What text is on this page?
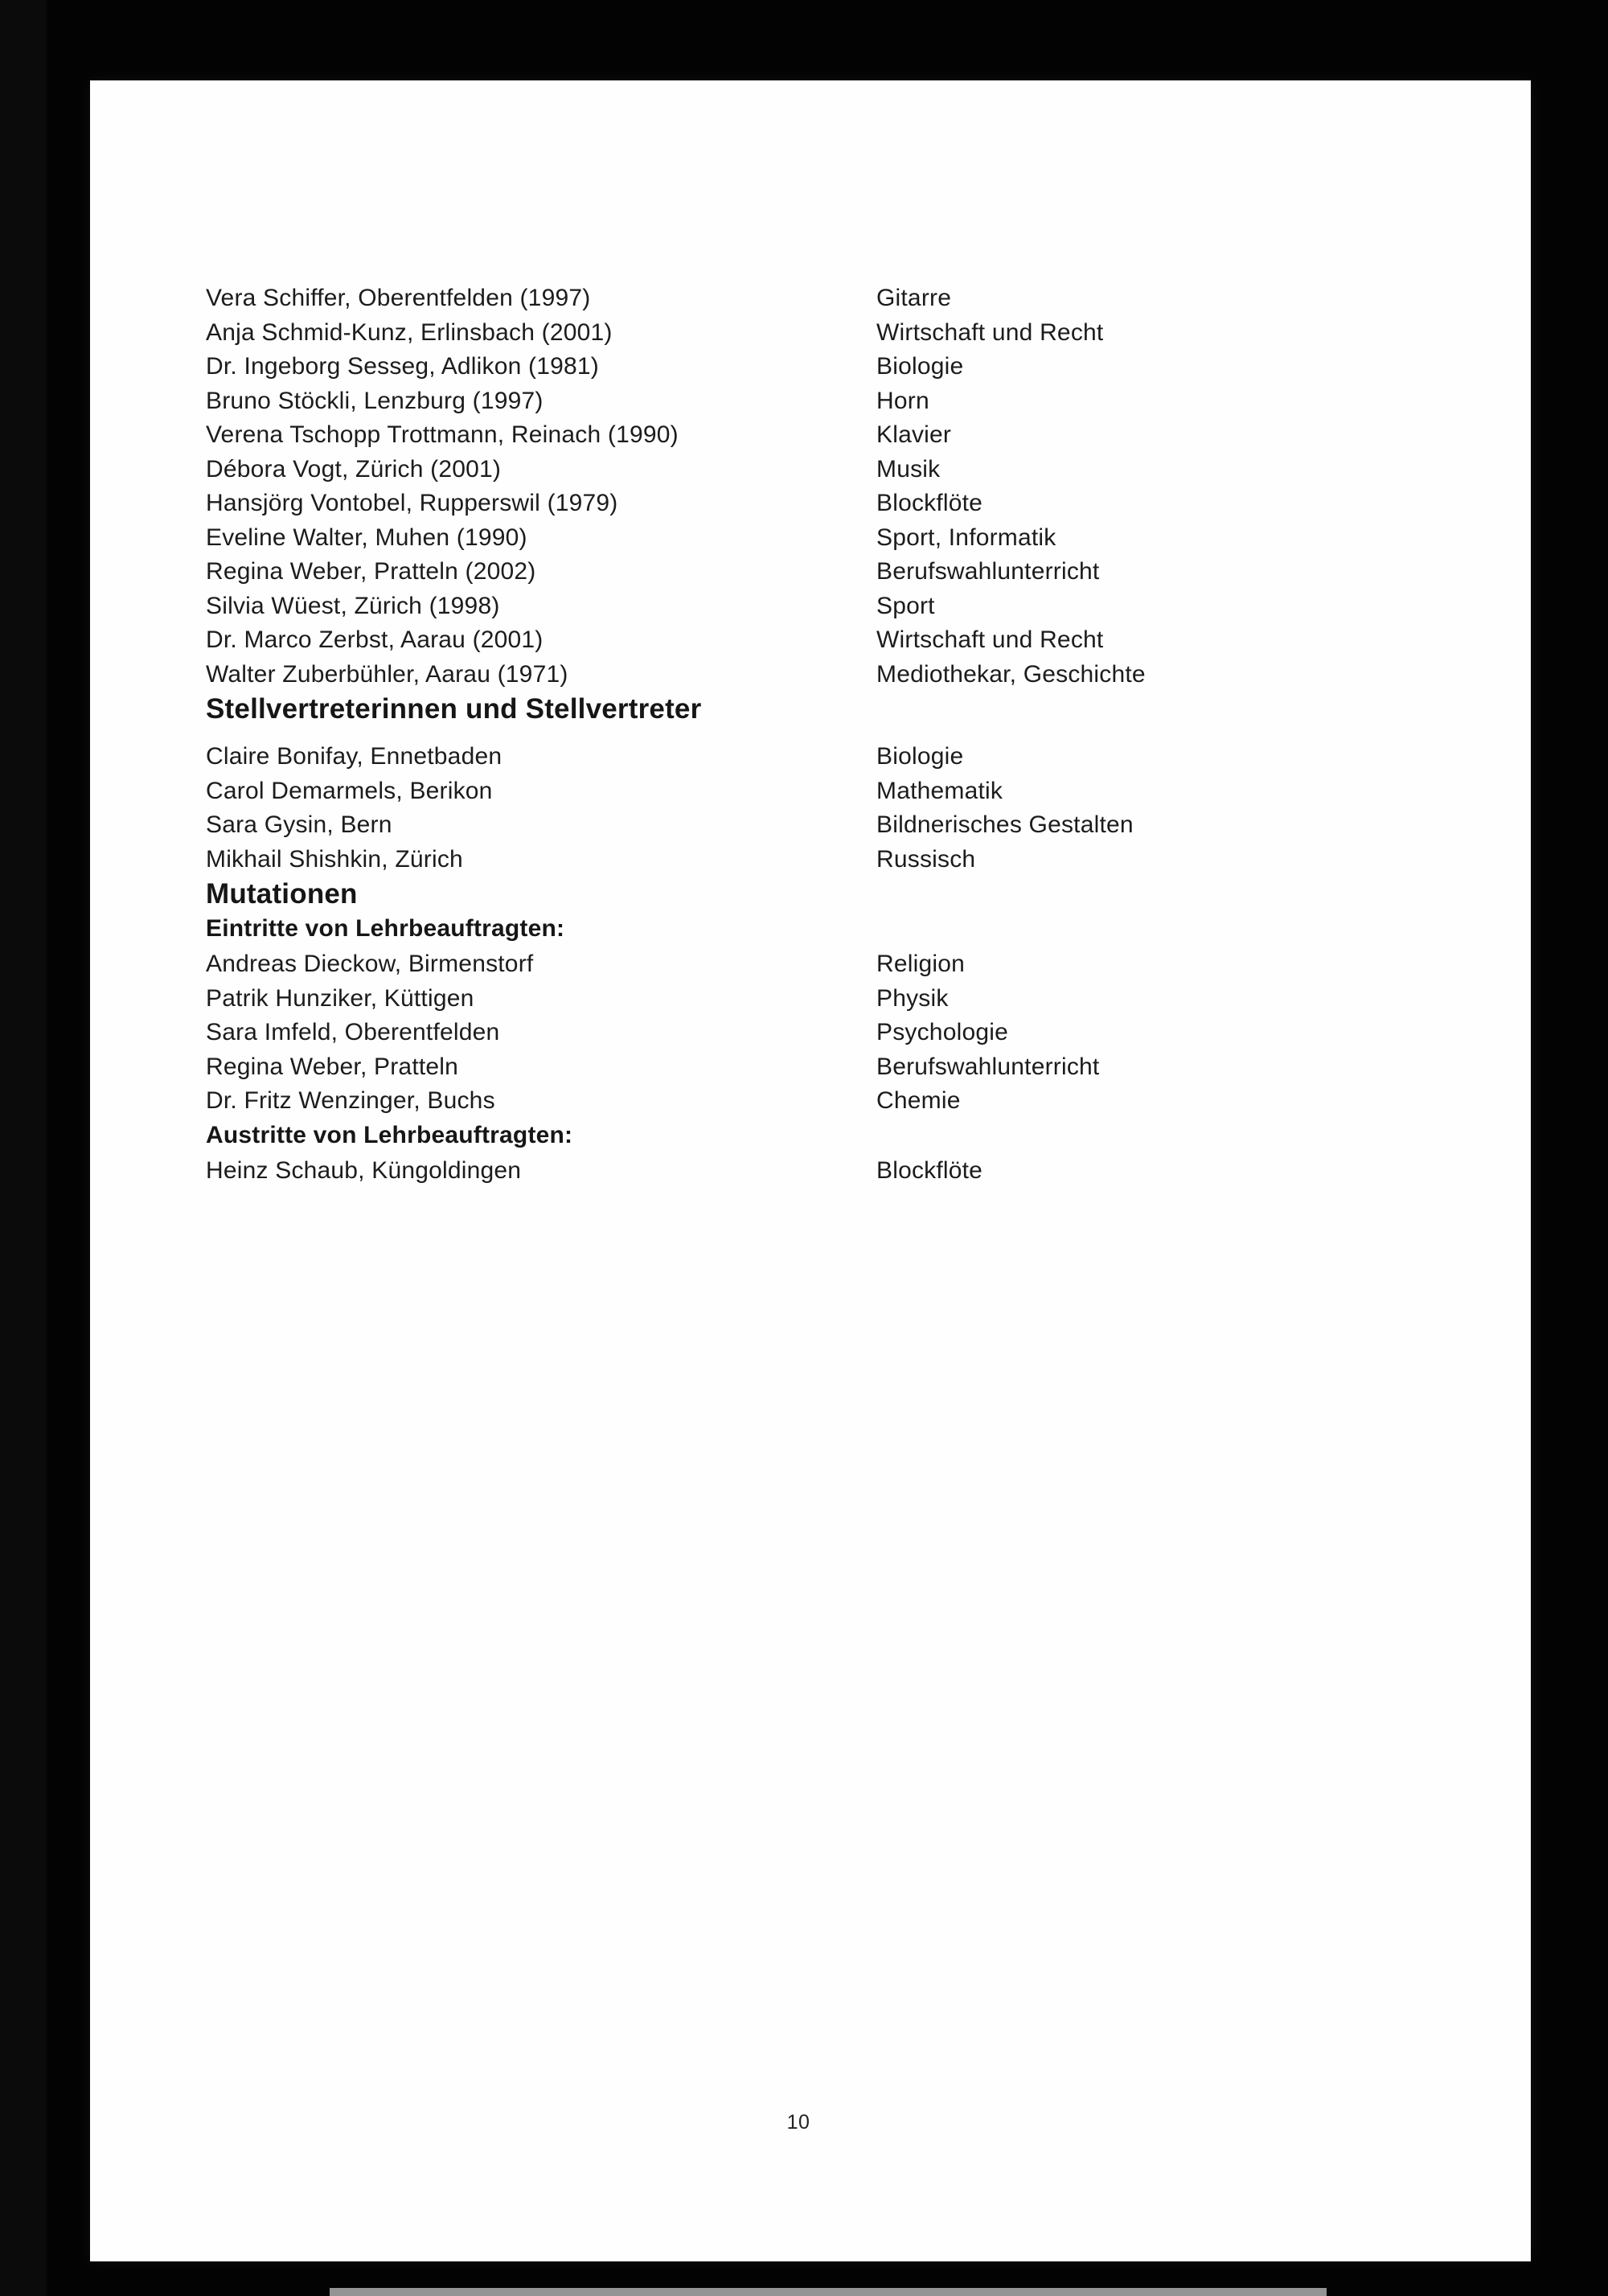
Vera Schiffer, Oberentfelden (1997)	Gitarre
Anja Schmid-Kunz, Erlinsbach (2001)	Wirtschaft und Recht
Dr. Ingeborg Sesseg, Adlikon (1981)	Biologie
Bruno Stöckli, Lenzburg (1997)	Horn
Verena Tschopp Trottmann, Reinach (1990)	Klavier
Débora Vogt, Zürich (2001)	Musik
Hansjörg Vontobel, Rupperswil (1979)	Blockflöte
Eveline Walter, Muhen (1990)	Sport, Informatik
Regina Weber, Pratteln (2002)	Berufswahlunterricht
Silvia Wüest, Zürich (1998)	Sport
Dr. Marco Zerbst, Aarau (2001)	Wirtschaft und Recht
Walter Zuberbühler, Aarau (1971)	Mediothekar, Geschichte
Stellvertreterinnen und Stellvertreter
Claire Bonifay, Ennetbaden	Biologie
Carol Demarmels, Berikon	Mathematik
Sara Gysin, Bern	Bildnerisches Gestalten
Mikhail Shishkin, Zürich	Russisch
Mutationen
Eintritte von Lehrbeauftragten:
Andreas Dieckow, Birmenstorf	Religion
Patrik Hunziker, Küttigen	Physik
Sara Imfeld, Oberentfelden	Psychologie
Regina Weber, Pratteln	Berufswahlunterricht
Dr. Fritz Wenzinger, Buchs	Chemie
Austritte von Lehrbeauftragten:
Heinz Schaub, Küngoldingen	Blockflöte
10
